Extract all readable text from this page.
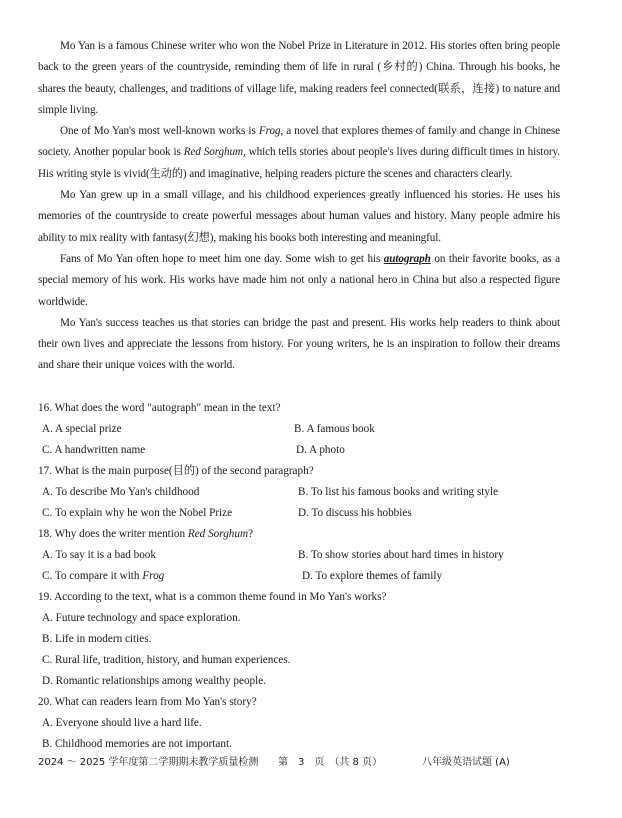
Mo Yan is a famous Chinese writer who won the Nobel Prize in Literature in 2012. His stories often bring people back to the green years of the countryside, reminding them of life in rural (乡村的) China. Through his books, he shares the beauty, challenges, and traditions of village life, making readers feel connected(联系，连接) to nature and simple living.

One of Mo Yan's most well-known works is Frog, a novel that explores themes of family and change in Chinese society. Another popular book is Red Sorghum, which tells stories about people's lives during difficult times in history. His writing style is vivid(生动的) and imaginative, helping readers picture the scenes and characters clearly.

Mo Yan grew up in a small village, and his childhood experiences greatly influenced his stories. He uses his memories of the countryside to create powerful messages about human values and history. Many people admire his ability to mix reality with fantasy(幻想), making his books both interesting and meaningful.

Fans of Mo Yan often hope to meet him one day. Some wish to get his autograph on their favorite books, as a special memory of his work. His works have made him not only a national hero in China but also a respected figure worldwide.

Mo Yan's success teaches us that stories can bridge the past and present. His works help readers to think about their own lives and appreciate the lessons from history. For young writers, he is an inspiration to follow their dreams and share their unique voices with the world.

16. What does the word "autograph" mean in the text?
A. A special prize	B. A famous book
C. A handwritten name	D. A photo
17. What is the main purpose(目的) of the second paragraph?
A. To describe Mo Yan's childhood	B. To list his famous books and writing style
C. To explain why he won the Nobel Prize	D. To discuss his hobbies
18. Why does the writer mention Red Sorghum?
A. To say it is a bad book	B. To show stories about hard times in history
C. To compare it with Frog	D. To explore themes of family
19. According to the text, what is a common theme found in Mo Yan's works?
A. Future technology and space exploration.
B. Life in modern cities.
C. Rural life, tradition, history, and human experiences.
D. Romantic relationships among wealthy people.
20. What can readers learn from Mo Yan's story?
A. Everyone should live a hard life.
B. Childhood memories are not important.
2024 ～ 2025 学年度第二学期期末教学质量检测 第　3　页　（共 8 页）	八年级英语试题 (A)
